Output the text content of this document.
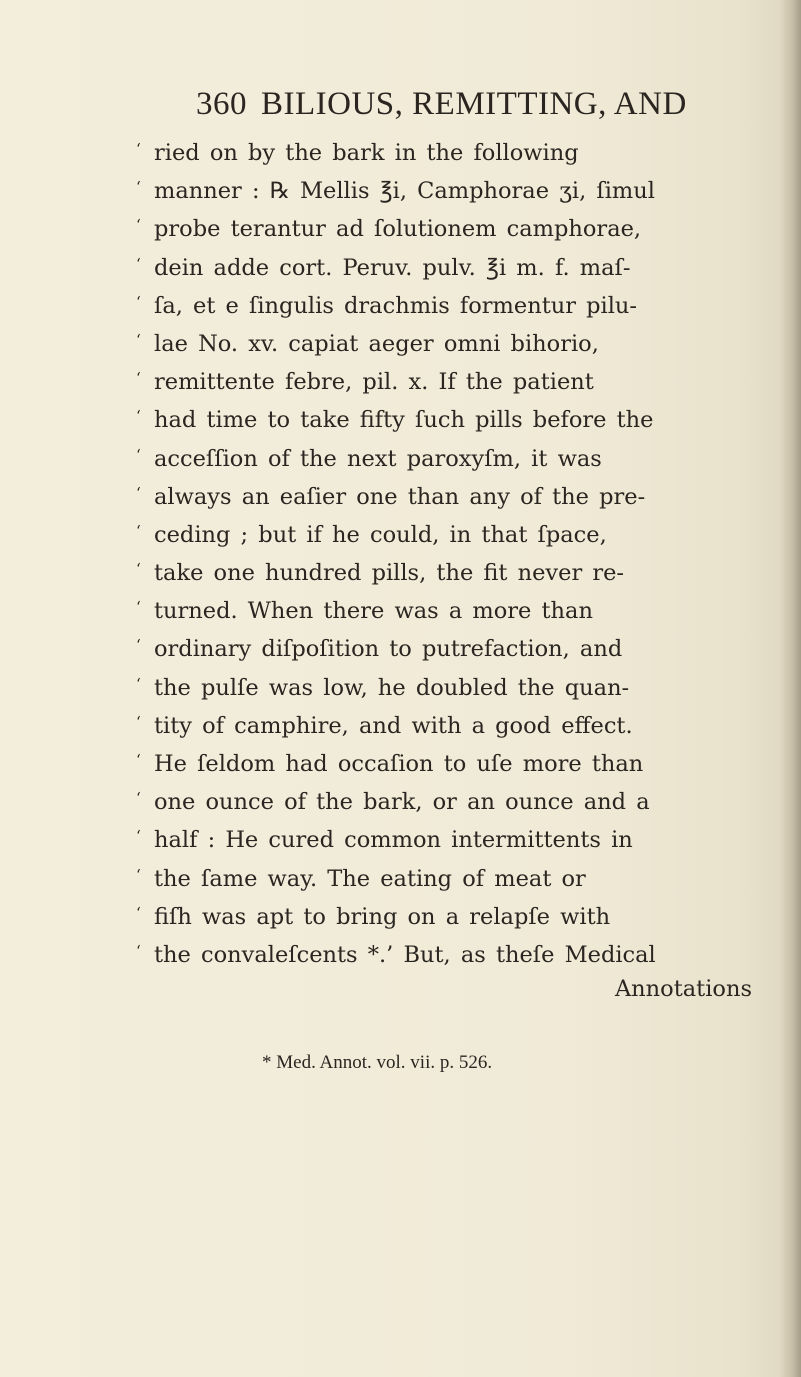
360 BILIOUS, REMITTING, AND
‘ ried on by the bark in the following
‘ manner : ℞ Mellis ℥i, Camphorae ʒi, ſimul
‘ probe terantur ad ſolutionem camphorae,
‘ dein adde cort. Peruv. pulv. ℥i m. f. maſ-
‘ ſa, et e ſingulis drachmis formentur pilu-
‘ lae No. xv. capiat aeger omni bihorio,
‘ remittente febre, pil. x. If the patient
‘ had time to take fifty ſuch pills before the
‘ acceſſion of the next paroxyſm, it was
‘ always an eaſier one than any of the pre-
‘ ceding ; but if he could, in that ſpace,
‘ take one hundred pills, the fit never re-
‘ turned. When there was a more than
‘ ordinary diſpoſition to putrefaction, and
‘ the pulſe was low, he doubled the quan-
‘ tity of camphire, and with a good effect.
‘ He ſeldom had occaſion to uſe more than
‘ one ounce of the bark, or an ounce and a
‘ half : He cured common intermittents in
‘ the ſame way. The eating of meat or
‘ fiſh was apt to bring on a relapſe with
‘ the convaleſcents *.’ But, as theſe Medical
Annotations
* Med. Annot. vol. vii. p. 526.
